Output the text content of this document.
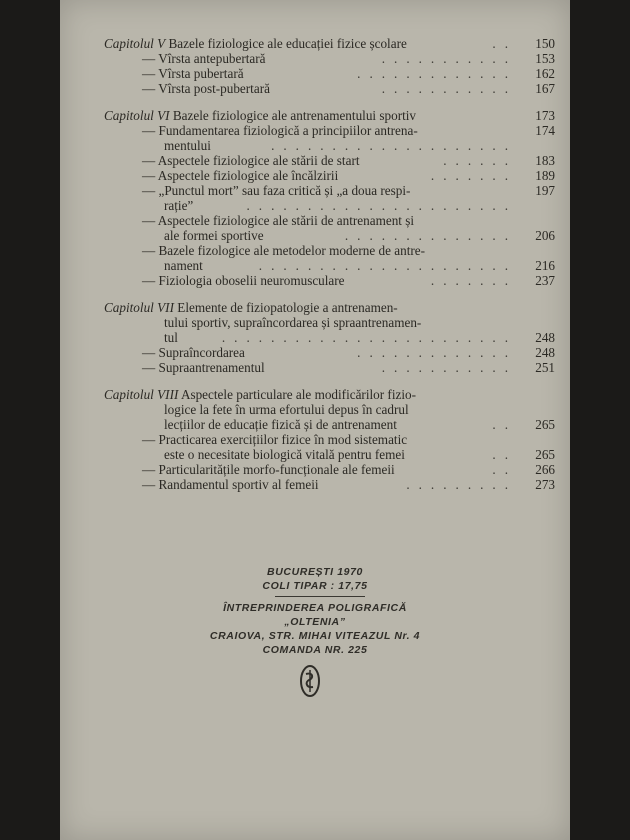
Capitolul V Bazele fiziologice ale educației fizice școlare	..	150
— Vîrsta antepubertară	...........	153
— Vîrsta pubertară	.............	162
— Vîrsta post-pubertară	...........	167
Capitolul VI Bazele fiziologice ale antrenamentului sportiv	173
— Fundamentarea fiziologică a principiilor antrena-	174
mentului	....................
— Aspectele fiziologice ale stării de start	......	183
— Aspectele fiziologice ale încălzirii	.......	189
— „Punctul mort” sau faza critică și „a doua respi-	197
rație”	......................
— Aspectele fiziologice ale stării de antrenament și
ale formei sportive	..............	206
— Bazele fizologice ale metodelor moderne de antre-
nament	.....................	216
— Fiziologia oboselii neuromusculare	.......	237
Capitolul VII Elemente de fiziopatologie a antrenamen-
tului sportiv, supraîncordarea și spraantrenamen-
tul	........................	248
— Supraîncordarea	.............	248
— Supraantrenamentul	...........	251
Capitolul VIII Aspectele particulare ale modificărilor fizio-
logice la fete în urma efortului depus în cadrul
lecțiilor de educație fizică și de antrenament	..	265
— Practicarea exercițiilor fizice în mod sistematic
este o necesitate biologică vitală pentru femei	..	265
— Particularitățile morfo-funcționale ale femeii	..	266
— Randamentul sportiv al femeii	.........	273
BUCUREȘTI 1970
COLI TIPAR : 17,75
ÎNTREPRINDEREA POLIGRAFICĂ
„OLTENIA”
CRAIOVA, STR. MIHAI VITEAZUL Nr. 4
COMANDA NR. 225
